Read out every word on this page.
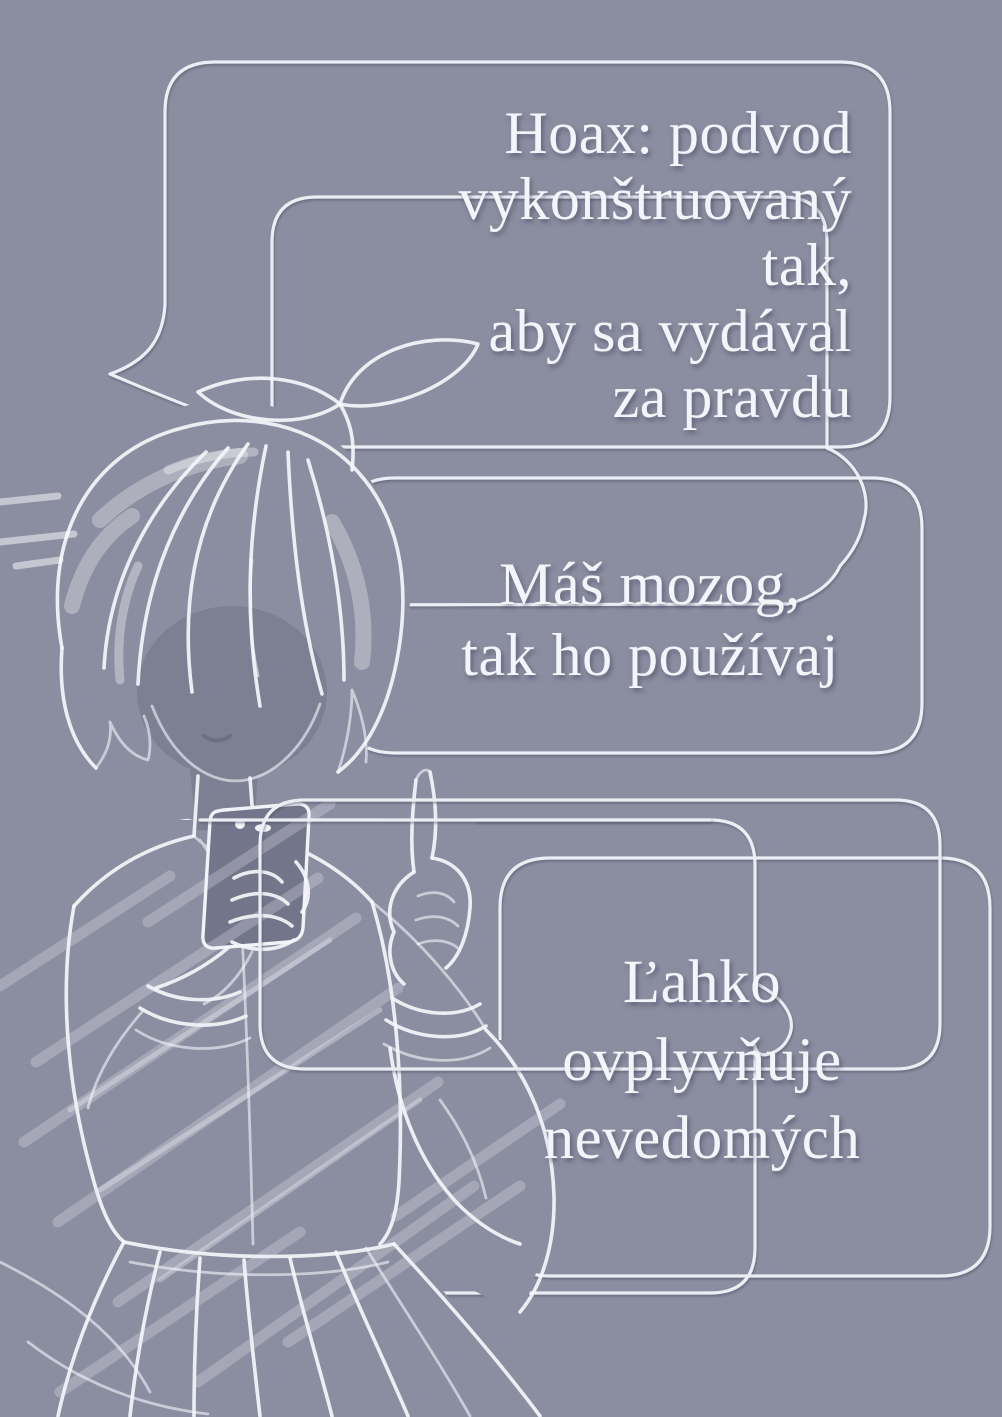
Hoax: podvod
vykonštruovaný
tak,
aby sa vydával
za pravdu
Máš mozog,
tak ho používaj
Ľahko
ovplyvňuje
nevedomých
